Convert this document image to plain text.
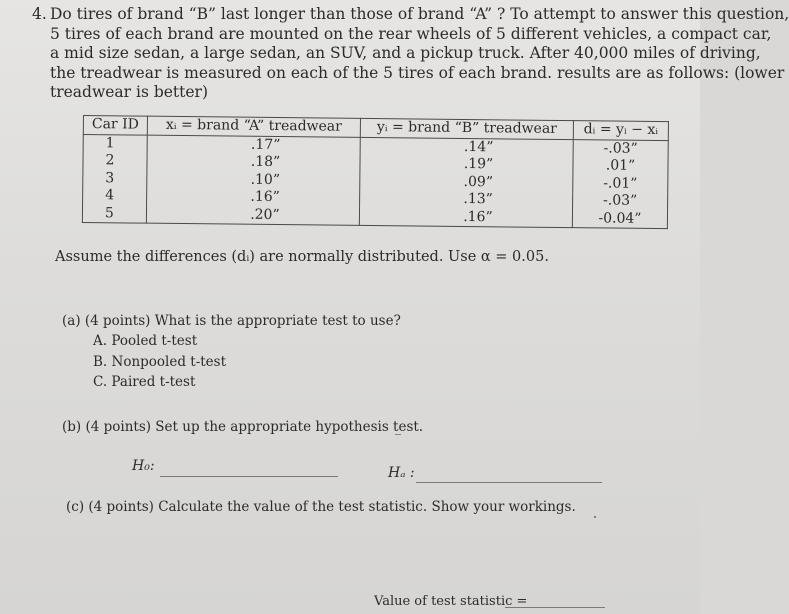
4. Do tires of brand “B” last longer than those of brand “A” ? To attempt to answer this question,
5 tires of each brand are mounted on the rear wheels of 5 different vehicles, a compact car,
a mid size sedan, a large sedan, an SUV, and a pickup truck. After 40,000 miles of driving,
the treadwear is measured on each of the 5 tires of each brand. results are as follows: (lower
treadwear is better)

Car ID	xᵢ = brand “A” treadwear	yᵢ = brand “B” treadwear	dᵢ = yᵢ − xᵢ
1	.17”	.14”	-.03”
2	.18”	.19”	.01”
3	.10”	.09”	-.01”
4	.16”	.13”	-.03”
5	.20”	.16”	-0.04”
Assume the differences (dᵢ) are normally distributed. Use α = 0.05.
(a) (4 points) What is the appropriate test to use?
A. Pooled t-test
B. Nonpooled t-test
C. Paired t-test
(b) (4 points) Set up the appropriate hypothesis test.
H₀:	Hₐ :
(c) (4 points) Calculate the value of the test statistic. Show your workings.
Value of test statistic =
